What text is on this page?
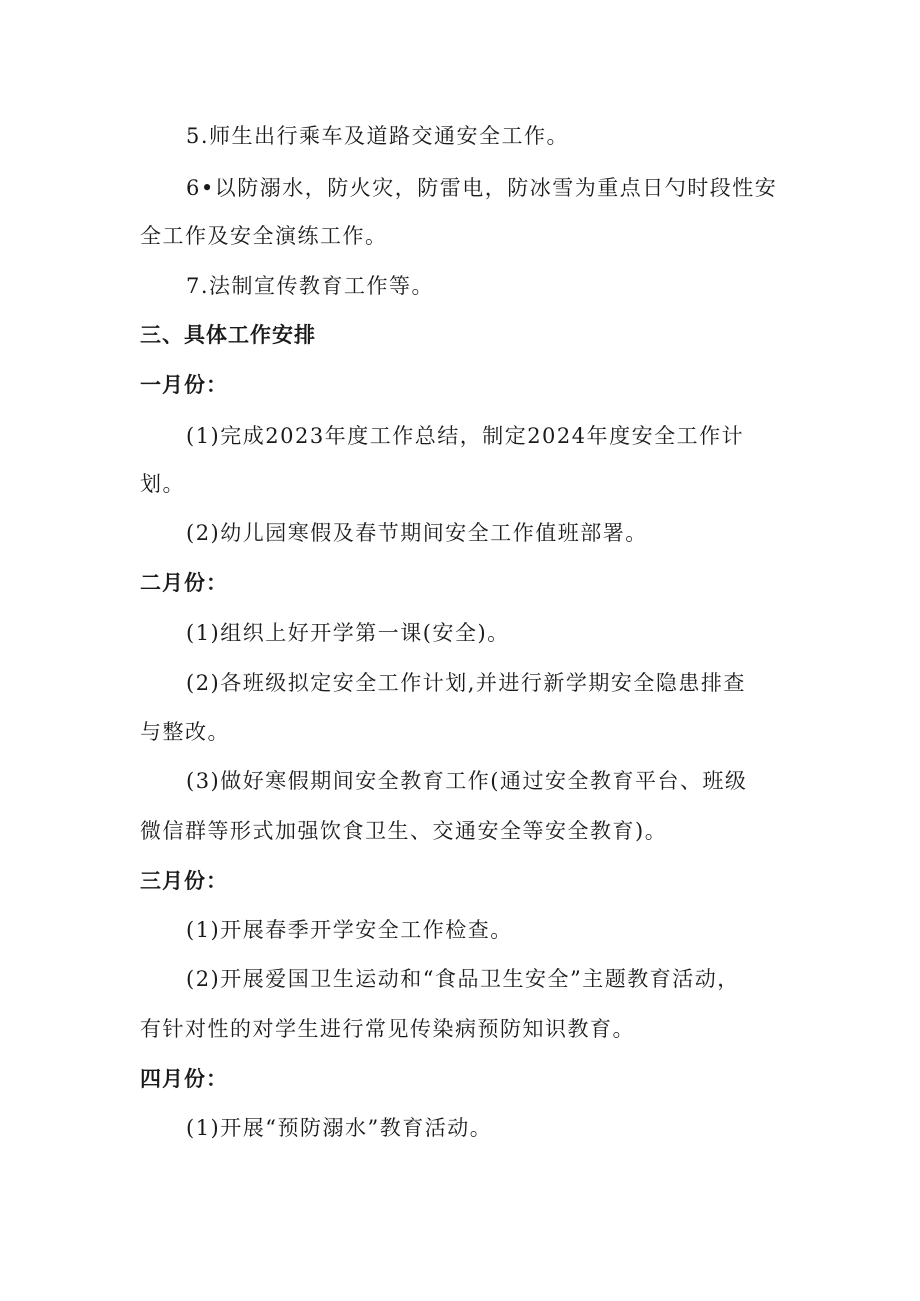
5.师生出行乘车及道路交通安全工作。
6•以防溺水，防火灾，防雷电，防冰雪为重点日勺时段性安
全工作及安全演练工作。
7.法制宣传教育工作等。
三、具体工作安排
一月份：
(1)完成2023年度工作总结，制定2024年度安全工作计
划。
(2)幼儿园寒假及春节期间安全工作值班部署。
二月份：
(1)组织上好开学第一课(安全)。
(2)各班级拟定安全工作计划,并进行新学期安全隐患排查
与整改。
(3)做好寒假期间安全教育工作(通过安全教育平台、班级
微信群等形式加强饮食卫生、交通安全等安全教育)。
三月份：
(1)开展春季开学安全工作检查。
(2)开展爱国卫生运动和“食品卫生安全”主题教育活动，
有针对性的对学生进行常见传染病预防知识教育。
四月份：
(1)开展“预防溺水”教育活动。
